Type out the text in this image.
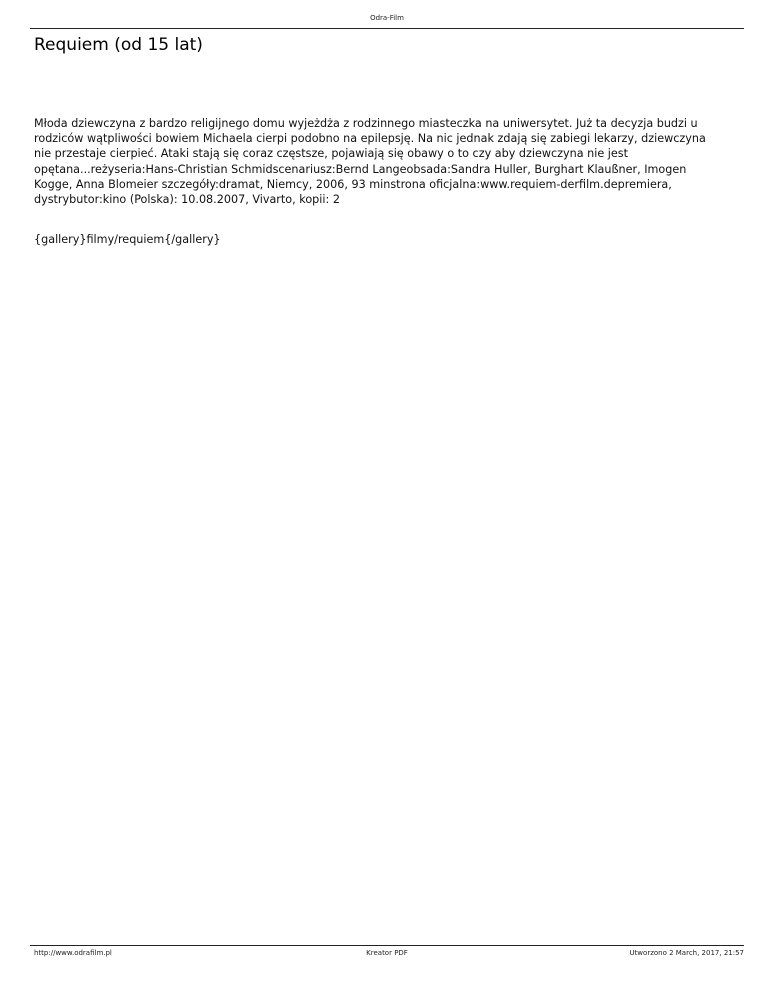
Odra-Film
Requiem (od 15 lat)

Młoda dziewczyna z bardzo religijnego domu wyjeżdża z rodzinnego miasteczka na uniwersytet. Już ta decyzja budzi u rodziców wątpliwości bowiem Michaela cierpi podobno na epilepsję. Na nic jednak zdają się zabiegi lekarzy, dziewczyna nie przestaje cierpieć. Ataki stają się coraz częstsze, pojawiają się obawy o to czy aby dziewczyna nie jest opętana...reżyseria:Hans-Christian Schmidscenariusz:Bernd Langeobsada:Sandra Huller, Burghart Klaußner, Imogen Kogge, Anna Blomeier szczegóły:dramat, Niemcy, 2006, 93 minstrona oficjalna:www.requiem-derfilm.depremiera, dystrybutor:kino (Polska): 10.08.2007, Vivarto, kopii: 2

{gallery}filmy/requiem{/gallery}

http://www.odrafilm.pl	Kreator PDF	Utworzono 2 March, 2017, 21:57
